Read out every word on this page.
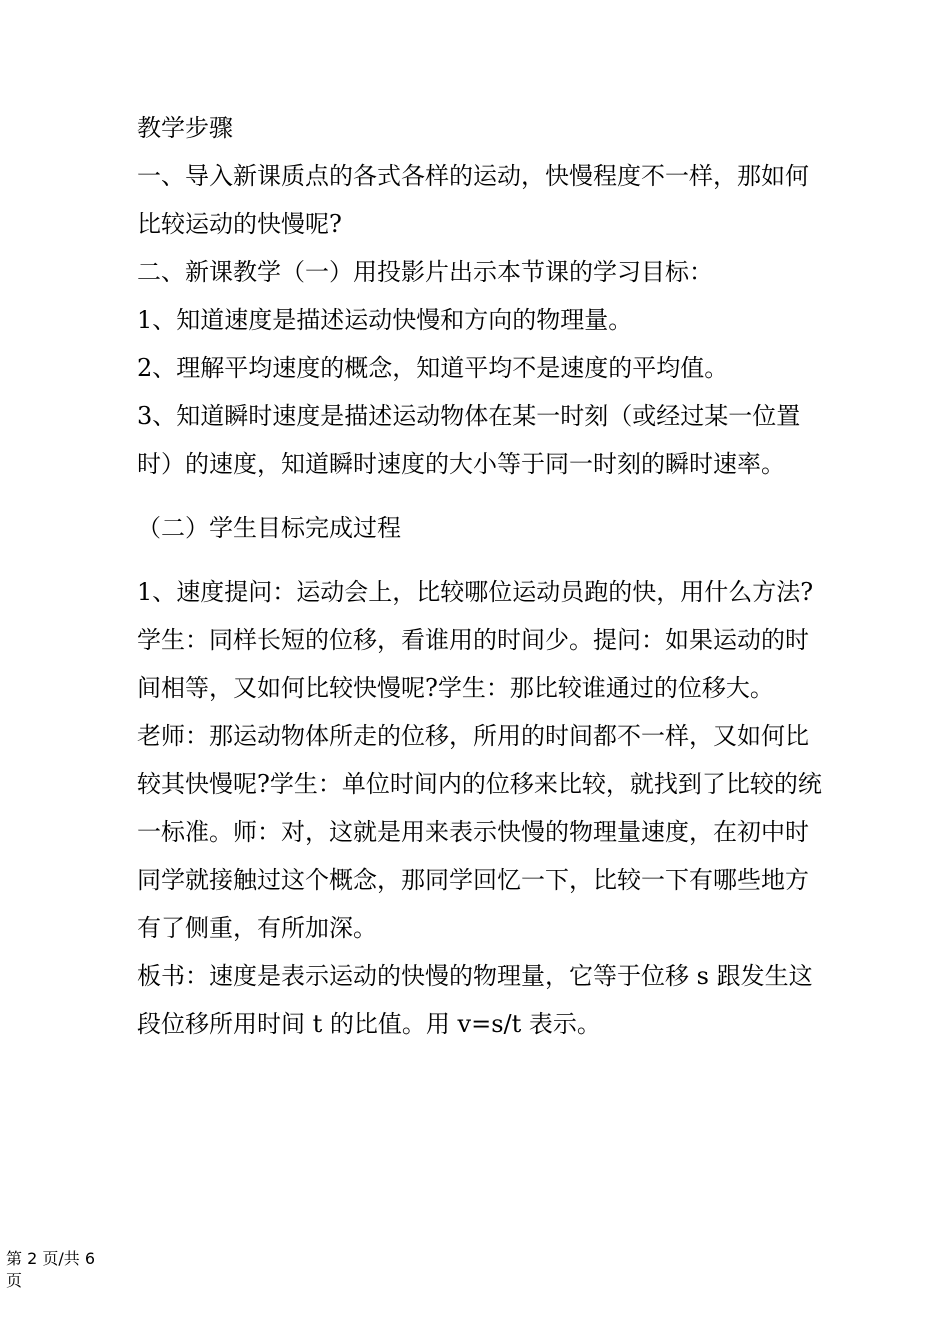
教学步骤

一、导入新课质点的各式各样的运动，快慢程度不一样，那如何比较运动的快慢呢?

二、新课教学（一）用投影片出示本节课的学习目标：

1、知道速度是描述运动快慢和方向的物理量。

2、理解平均速度的概念，知道平均不是速度的平均值。

3、知道瞬时速度是描述运动物体在某一时刻（或经过某一位置时）的速度，知道瞬时速度的大小等于同一时刻的瞬时速率。

（二）学生目标完成过程

1、速度提问：运动会上，比较哪位运动员跑的快，用什么方法?学生：同样长短的位移，看谁用的时间少。提问：如果运动的时间相等，又如何比较快慢呢?学生：那比较谁通过的位移大。

老师：那运动物体所走的位移，所用的时间都不一样，又如何比较其快慢呢?学生：单位时间内的位移来比较，就找到了比较的统一标准。师：对，这就是用来表示快慢的物理量速度，在初中时同学就接触过这个概念，那同学回忆一下，比较一下有哪些地方有了侧重，有所加深。

板书：速度是表示运动的快慢的物理量，它等于位移 s 跟发生这段位移所用时间 t 的比值。用 v=s/t 表示。

第 2 页/共 6 页
